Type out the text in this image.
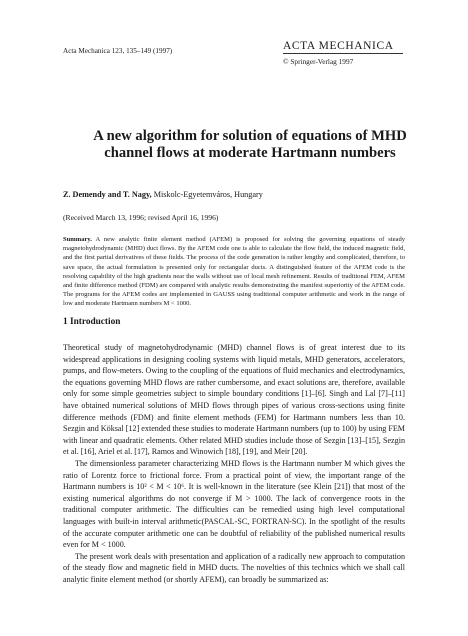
Acta Mechanica 123, 135–149 (1997)	ACTA MECHANICA
© Springer-Verlag 1997
A new algorithm for solution of equations of MHD channel flows at moderate Hartmann numbers
Z. Demendy and T. Nagy, Miskolc-Egyetemváros, Hungary
(Received March 13, 1996; revised April 16, 1996)
Summary. A new analytic finite element method (AFEM) is proposed for solving the governing equations of steady magnetohydrodynamic (MHD) duct flows. By the AFEM code one is able to calculate the flow field, the induced magnetic field, and the first partial derivatives of these fields. The process of the code generation is rather lengthy and complicated, therefore, to save space, the actual formulation is presented only for rectangular ducts. A distinguished feature of the AFEM code is the resolving capability of the high gradients near the walls without use of local mesh refinement. Results of traditional FEM, AFEM and finite difference method (FDM) are compared with analytic results demonstrating the manifest superiority of the AFEM code. The programs for the AFEM codes are implemented in GAUSS using traditional computer arithmetic and work in the range of low and moderate Hartmann numbers M < 1000.
1 Introduction

Theoretical study of magnetohydrodynamic (MHD) channel flows is of great interest due to its widespread applications in designing cooling systems with liquid metals, MHD generators, accelerators, pumps, and flow-meters. Owing to the coupling of the equations of fluid mechanics and electrodynamics, the equations governing MHD flows are rather cumbersome, and exact solutions are, therefore, available only for some simple geometries subject to simple boundary conditions [1]–[6]. Singh and Lal [7]–[11] have obtained numerical solutions of MHD flows through pipes of various cross-sections using finite difference methods (FDM) and finite element methods (FEM) for Hartmann numbers less than 10. Sezgin and Köksal [12] extended these studies to moderate Hartmann numbers (up to 100) by using FEM with linear and quadratic elements. Other related MHD studies include those of Sezgin [13]–[15], Sezgin et al. [16], Ariel et al. [17], Ramos and Winowich [18], [19], and Meir [20].

The dimensionless parameter characterizing MHD flows is the Hartmann number M which gives the ratio of Lorentz force to frictional force. From a practical point of view, the important range of the Hartmann numbers is 10² < M < 10⁶. It is well-known in the literature (see Klein [21]) that most of the existing numerical algorithms do not converge if M > 1000. The lack of convergence roots in the traditional computer arithmetic. The difficulties can be remedied using high level computational languages with built-in interval arithmetic(PASCAL-SC, FORTRAN-SC). In the spotlight of the results of the accurate computer arithmetic one can be doubtful of reliability of the published numerical results even for M < 1000.

The present work deals with presentation and application of a radically new approach to computation of the steady flow and magnetic field in MHD ducts. The novelties of this technics which we shall call analytic finite element method (or shortly AFEM), can broadly be summarized as:
